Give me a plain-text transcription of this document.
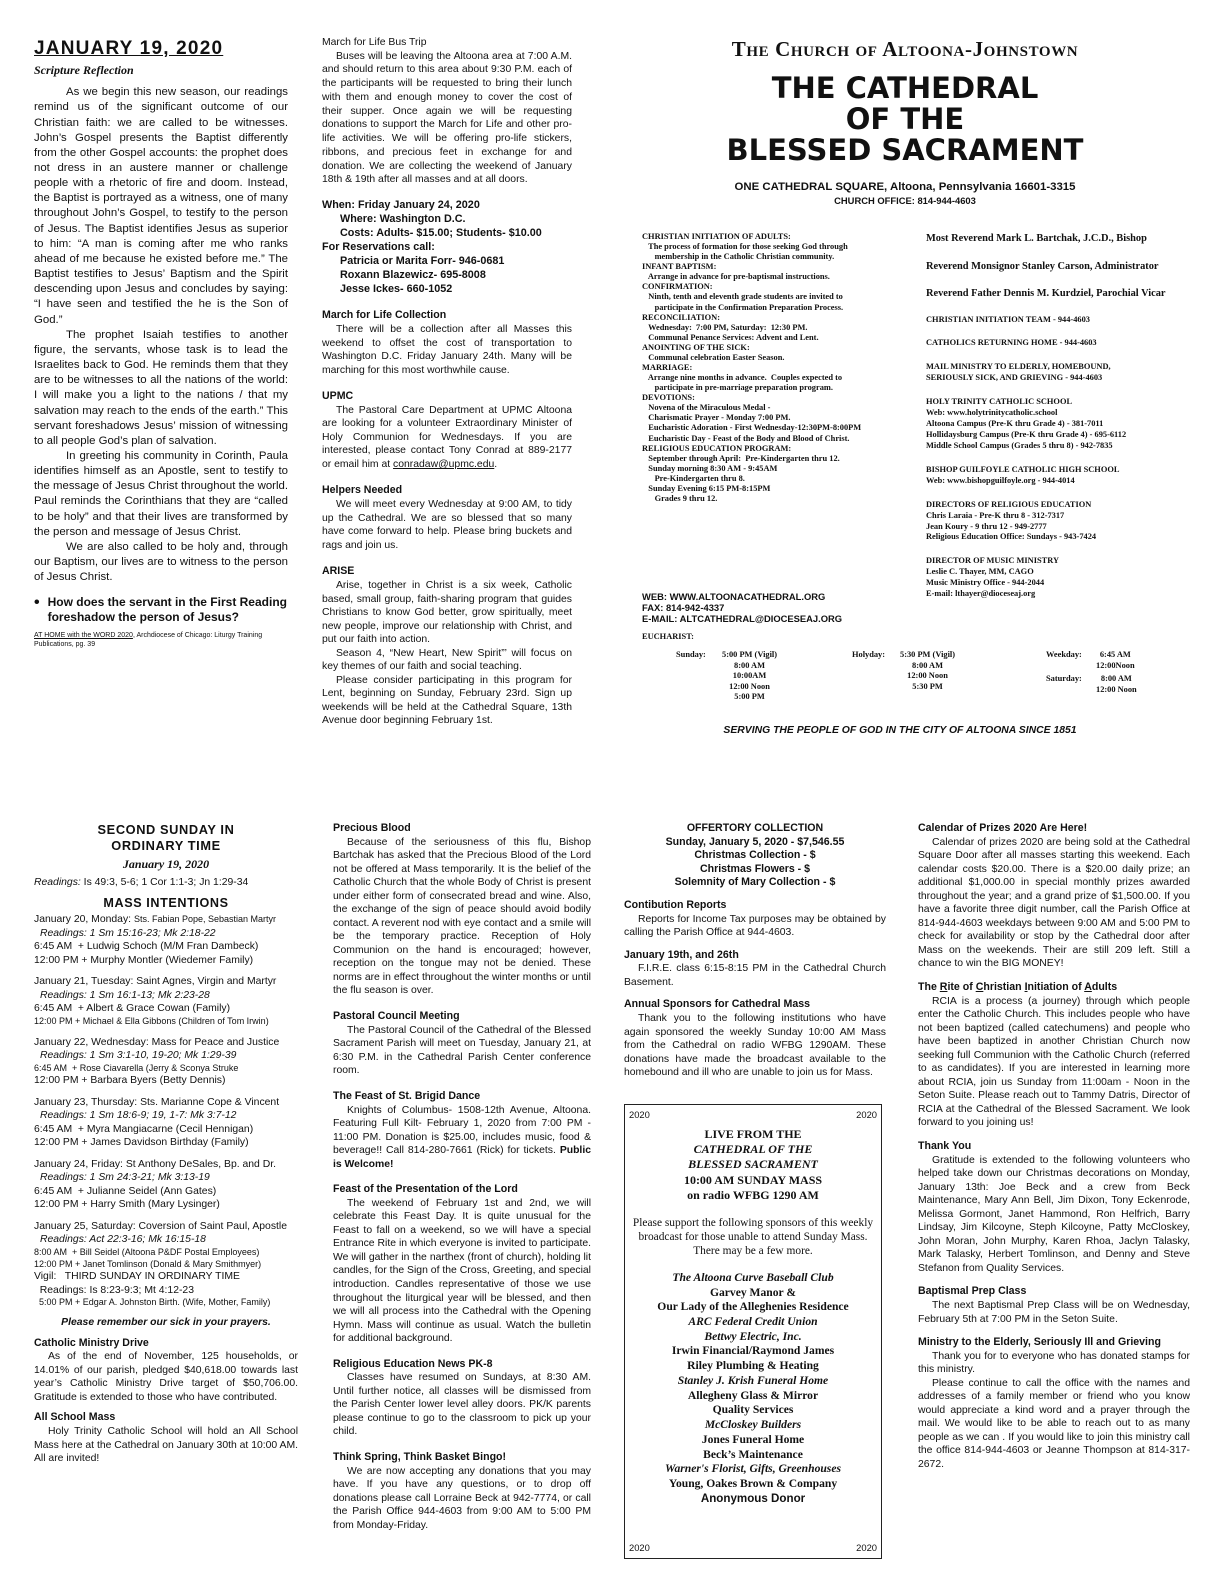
JANUARY 19, 2020
Scripture Reflection

As we begin this new season, our readings remind us of the significant outcome of our Christian faith: we are called to be witnesses. John’s Gospel presents the Baptist differently from the other Gospel accounts: the prophet does not dress in an austere manner or challenge people with a rhetoric of fire and doom. Instead, the Baptist is portrayed as a witness, one of many throughout John’s Gospel, to testify to the person of Jesus. The Baptist identifies Jesus as superior to him: “A man is coming after me who ranks ahead of me because he existed before me.” The Baptist testifies to Jesus’ Baptism and the Spirit descending upon Jesus and concludes by saying: “I have seen and testified the he is the Son of God.”

The prophet Isaiah testifies to another figure, the servants, whose task is to lead the Israelites back to God. He reminds them that they are to be witnesses to all the nations of the world: I will make you a light to the nations / that my salvation may reach to the ends of the earth.” This servant foreshadows Jesus’ mission of witnessing to all people God’s plan of salvation.

In greeting his community in Corinth, Paula identifies himself as an Apostle, sent to testify to the message of Jesus Christ throughout the world. Paul reminds the Corinthians that they are “called to be holy” and that their lives are transformed by the person and message of Jesus Christ.

We are also called to be holy and, through our Baptism, our lives are to witness to the person of Jesus Christ.

• How does the servant in the First Reading foreshadow the person of Jesus?
AT HOME with the WORD 2020, Archdiocese of Chicago: Liturgy Training Publications, pg. 39

March for Life Bus Trip

Buses will be leaving the Altoona area at 7:00 A.M. and should return to this area about 9:30 P.M. each of the participants will be requested to bring their lunch with them and enough money to cover the cost of their supper. Once again we will be requesting donations to support the March for Life and other pro-life activities. We will be offering pro-life stickers, ribbons, and precious feet in exchange for and donation. We are collecting the weekend of January 18th & 19th after all masses and at all doors.

When: Friday January 24, 2020

Where: Washington D.C.

Costs: Adults- $15.00; Students- $10.00

For Reservations call:

Patricia or Marita Forr- 946-0681

Roxann Blazewicz- 695-8008

Jesse Ickes- 660-1052

March for Life Collection

There will be a collection after all Masses this weekend to offset the cost of transportation to Washington D.C. Friday January 24th. Many will be marching for this most worthwhile cause.

UPMC

The Pastoral Care Department at UPMC Altoona are looking for a volunteer Extraordinary Minister of Holy Communion for Wednesdays. If you are interested, please contact Tony Conrad at 889-2177 or email him at conradaw@upmc.edu.

Helpers Needed

We will meet every Wednesday at 9:00 AM, to tidy up the Cathedral. We are so blessed that so many have come forward to help. Please bring buckets and rags and join us.

ARISE

Arise, together in Christ is a six week, Catholic based, small group, faith-sharing program that guides Christians to know God better, grow spiritually, meet new people, improve our relationship with Christ, and put our faith into action.

Season 4, “New Heart, New Spirit”’ will focus on key themes of our faith and social teaching.

Please consider participating in this program for Lent, beginning on Sunday, February 23rd. Sign up weekends will be held at the Cathedral Square, 13th Avenue door beginning February 1st.

The Church of Altoona-Johnstown
THE CATHEDRAL
OF THE
BLESSED SACRAMENT
ONE CATHEDRAL SQUARE, Altoona, Pennsylvania 16601-3315
CHURCH OFFICE: 814-944-4603
CHRISTIAN INITIATION OF ADULTS:
The process of formation for those seeking God through
membership in the Catholic Christian community.
INFANT BAPTISM:
Arrange in advance for pre-baptismal instructions.
CONFIRMATION:
Ninth, tenth and eleventh grade students are invited to
participate in the Confirmation Preparation Process.
RECONCILIATION:
Wednesday:  7:00 PM, Saturday:  12:30 PM.
Communal Penance Services: Advent and Lent.
ANOINTING OF THE SICK:
Communal celebration Easter Season.
MARRIAGE:
Arrange nine months in advance.  Couples expected to
participate in pre-marriage preparation program.
DEVOTIONS:
Novena of the Miraculous Medal -
Charismatic Prayer - Monday 7:00 PM.
Eucharistic Adoration - First Wednesday-12:30PM-8:00PM
Eucharistic Day - Feast of the Body and Blood of Christ.
RELIGIOUS EDUCATION PROGRAM:
September through April:  Pre-Kindergarten thru 12.
Sunday morning 8:30 AM - 9:45AM
Pre-Kindergarten thru 8.
Sunday Evening 6:15 PM-8:15PM
Grades 9 thru 12.
Most Reverend Mark L. Bartchak, J.C.D., Bishop
Reverend Monsignor Stanley Carson, Administrator
Reverend Father Dennis M. Kurdziel, Parochial Vicar
CHRISTIAN INITIATION TEAM - 944-4603
CATHOLICS RETURNING HOME - 944-4603
MAIL MINISTRY TO ELDERLY, HOMEBOUND,
SERIOUSLY SICK, AND GRIEVING - 944-4603
HOLY TRINITY CATHOLIC SCHOOL
Web: www.holytrinitycatholic.school
Altoona Campus (Pre-K thru Grade 4) - 381-7011
Hollidaysburg Campus (Pre-K thru Grade 4) - 695-6112
Middle School Campus (Grades 5 thru 8) - 942-7835
BISHOP GUILFOYLE CATHOLIC HIGH SCHOOL
Web: www.bishopguilfoyle.org - 944-4014
DIRECTORS OF RELIGIOUS EDUCATION
Chris Laraia - Pre-K thru 8 - 312-7317
Jean Koury - 9 thru 12 - 949-2777
Religious Education Office: Sundays - 943-7424
DIRECTOR OF MUSIC MINISTRY
Leslie C. Thayer, MM, CAGO
Music Ministry Office - 944-2044
E-mail: lthayer@dioceseaj.org
WEB: WWW.ALTOONACATHEDRAL.ORG
FAX: 814-942-4337
E-MAIL: ALTCATHEDRAL@DIOCESEAJ.ORG
EUCHARIST:
Sunday: 5:00 PM (Vigil)
8:00 AM
10:00AM
12:00 Noon
5:00 PM
Holyday: 5:30 PM (Vigil)
8:00 AM
12:00 Noon
5:30 PM
Weekday:	6:45 AM
12:00Noon
Saturday:	8:00 AM
12:00 Noon
SERVING THE PEOPLE OF GOD IN THE CITY OF ALTOONA SINCE 1851
SECOND SUNDAY IN
ORDINARY TIME
January 19, 2020
Readings: Is 49:3, 5-6; 1 Cor 1:1-3; Jn 1:29-34
MASS INTENTIONS
January 20, Monday: Sts. Fabian Pope, Sebastian Martyr
Readings: 1 Sm 15:16-23; Mk 2:18-22
6:45 AM  + Ludwig Schoch (M/M Fran Dambeck)
12:00 PM + Murphy Montler (Wiedemer Family)
January 21, Tuesday: Saint Agnes, Virgin and Martyr
Readings: 1 Sm 16:1-13; Mk 2:23-28
6:45 AM  + Albert & Grace Cowan (Family)
12:00 PM + Michael & Ella Gibbons (Children of Tom Irwin)
January 22, Wednesday: Mass for Peace and Justice
Readings: 1 Sm 3:1-10, 19-20; Mk 1:29-39
6:45 AM  + Rose Ciavarella (Jerry & Sconya Struke
12:00 PM + Barbara Byers (Betty Dennis)
January 23, Thursday: Sts. Marianne Cope & Vincent
Readings: 1 Sm 18:6-9; 19, 1-7: Mk 3:7-12
6:45 AM  + Myra Mangiacarne (Cecil Hennigan)
12:00 PM + James Davidson Birthday (Family)
January 24, Friday: St Anthony DeSales, Bp. and Dr.
Readings: 1 Sm 24:3-21; Mk 3:13-19
6:45 AM  + Julianne Seidel (Ann Gates)
12:00 PM + Harry Smith (Mary Lysinger)
January 25, Saturday: Coversion of Saint Paul, Apostle
Readings: Act 22:3-16; Mk 16:15-18
8:00 AM  + Bill Seidel (Altoona P&DF Postal Employees)
12:00 PM + Janet Tomlinson (Donald & Mary Smithmyer)
Vigil:   THIRD SUNDAY IN ORDINARY TIME
Readings: Is 8:23-9:3; Mt 4:12-23
5:00 PM + Edgar A. Johnston Birth. (Wife, Mother, Family)
Please remember our sick in your prayers.
Catholic Ministry Drive

As of the end of November, 125 households, or 14.01% of our parish, pledged $40,618.00 towards last year’s Catholic Ministry Drive target of $50,706.00. Gratitude is extended to those who have contributed.

All School Mass

Holy Trinity Catholic School will hold an All School Mass here at the Cathedral on January 30th at 10:00 AM. All are invited!

Precious Blood

Because of the seriousness of this flu, Bishop Bartchak has asked that the Precious Blood of the Lord not be offered at Mass temporarily. It is the belief of the Catholic Church that the whole Body of Christ is present under either form of consecrated bread and wine. Also, the exchange of the sign of peace should avoid bodily contact. A reverent nod with eye contact and a smile will be the temporary practice. Reception of Holy Communion on the hand is encouraged; however, reception on the tongue may not be denied. These norms are in effect throughout the winter months or until the flu season is over.

Pastoral Council Meeting

The Pastoral Council of the Cathedral of the Blessed Sacrament Parish will meet on Tuesday, January 21, at 6:30 P.M. in the Cathedral Parish Center conference room.

The Feast of St. Brigid Dance

Knights of Columbus- 1508-12th Avenue, Altoona. Featuring Full Kilt- February 1, 2020 from 7:00 PM - 11:00 PM. Donation is $25.00, includes music, food & beverage!! Call 814-280-7661 (Rick) for tickets. Public is Welcome!

Feast of the Presentation of the Lord

The weekend of February 1st and 2nd, we will celebrate this Feast Day. It is quite unusual for the Feast to fall on a weekend, so we will have a special Entrance Rite in which everyone is invited to participate. We will gather in the narthex (front of church), holding lit candles, for the Sign of the Cross, Greeting, and special introduction. Candles representative of those we use throughout the liturgical year will be blessed, and then we will all process into the Cathedral with the Opening Hymn. Mass will continue as usual. Watch the bulletin for additional background.

Religious Education News PK-8

Classes have resumed on Sundays, at 8:30 AM. Until further notice, all classes will be dismissed from the Parish Center lower level alley doors. PK/K parents please continue to go to the classroom to pick up your child.

Think Spring, Think Basket Bingo!

We are now accepting any donations that you may have. If you have any questions, or to drop off donations please call Lorraine Beck at 942-7774, or call the Parish Office 944-4603 from 9:00 AM to 5:00 PM from Monday-Friday.

OFFERTORY COLLECTION
Sunday, January 5, 2020 - $7,546.55
Christmas Collection - $
Christmas Flowers - $
Solemnity of Mary Collection - $
Contibution Reports

Reports for Income Tax purposes may be obtained by calling the Parish Office at 944-4603.

January 19th, and 26th

F.I.R.E. class 6:15-8:15 PM in the Cathedral Church Basement.

Annual Sponsors for Cathedral Mass

Thank you to the following institutions who have again sponsored the weekly Sunday 10:00 AM Mass from the Cathedral on radio WFBG 1290AM. These donations have made the broadcast available to the homebound and ill who are unable to join us for Mass.

2020	2020
LIVE FROM THE
CATHEDRAL OF THE
BLESSED SACRAMENT
10:00 AM SUNDAY MASS
on radio WFBG 1290 AM
Please support the following sponsors of this weekly broadcast for those unable to attend Sunday Mass. There may be a few more.
The Altoona Curve Baseball Club
Garvey Manor &
Our Lady of the Alleghenies Residence
ARC Federal Credit Union
Bettwy Electric, Inc.
Irwin Financial/Raymond James
Riley Plumbing & Heating
Stanley J. Krish Funeral Home
Allegheny Glass & Mirror
Quality Services
McCloskey Builders
Jones Funeral Home
Beck’s Maintenance
Warner's Florist, Gifts, Greenhouses
Young, Oakes Brown & Company
Anonymous Donor
2020	2020
Calendar of Prizes 2020 Are Here!

Calendar of prizes 2020 are being sold at the Cathedral Square Door after all masses starting this weekend. Each calendar costs $20.00. There is a $20.00 daily prize; an additional $1,000.00 in special monthly prizes awarded throughout the year; and a grand prize of $1,500.00. If you have a favorite three digit number, call the Parish Office at 814-944-4603 weekdays between 9:00 AM and 5:00 PM to check for availability or stop by the Cathedral door after Mass on the weekends. Their are still 209 left. Still a chance to win the BIG MONEY!

The Rite of Christian Initiation of Adults

RCIA is a process (a journey) through which people enter the Catholic Church. This includes people who have not been baptized (called catechumens) and people who have been baptized in another Christian Church now seeking full Communion with the Catholic Church (referred to as candidates). If you are interested in learning more about RCIA, join us Sunday from 11:00am - Noon in the Seton Suite. Please reach out to Tammy Datris, Director of RCIA at the Cathedral of the Blessed Sacrament. We look forward to you joining us!

Thank You

Gratitude is extended to the following volunteers who helped take down our Christmas decorations on Monday, January 13th: Joe Beck and a crew from Beck Maintenance, Mary Ann Bell, Jim Dixon, Tony Eckenrode, Melissa Gormont, Janet Hammond, Ron Helfrich, Barry Lindsay, Jim Kilcoyne, Steph Kilcoyne, Patty McCloskey, John Moran, John Murphy, Karen Rhoa, Jaclyn Talasky, Mark Talasky, Herbert Tomlinson, and Denny and Steve Stefanon from Quality Services.

Baptismal Prep Class

The next Baptismal Prep Class will be on Wednesday, February 5th at 7:00 PM in the Seton Suite.

Ministry to the Elderly, Seriously Ill and Grieving

Thank you for to everyone who has donated stamps for this ministry.

Please continue to call the office with the names and addresses of a family member or friend who you know would appreciate a kind word and a prayer through the mail. We would like to be able to reach out to as many people as we can . If you would like to join this ministry call the office 814-944-4603 or Jeanne Thompson at 814-317-2672.
